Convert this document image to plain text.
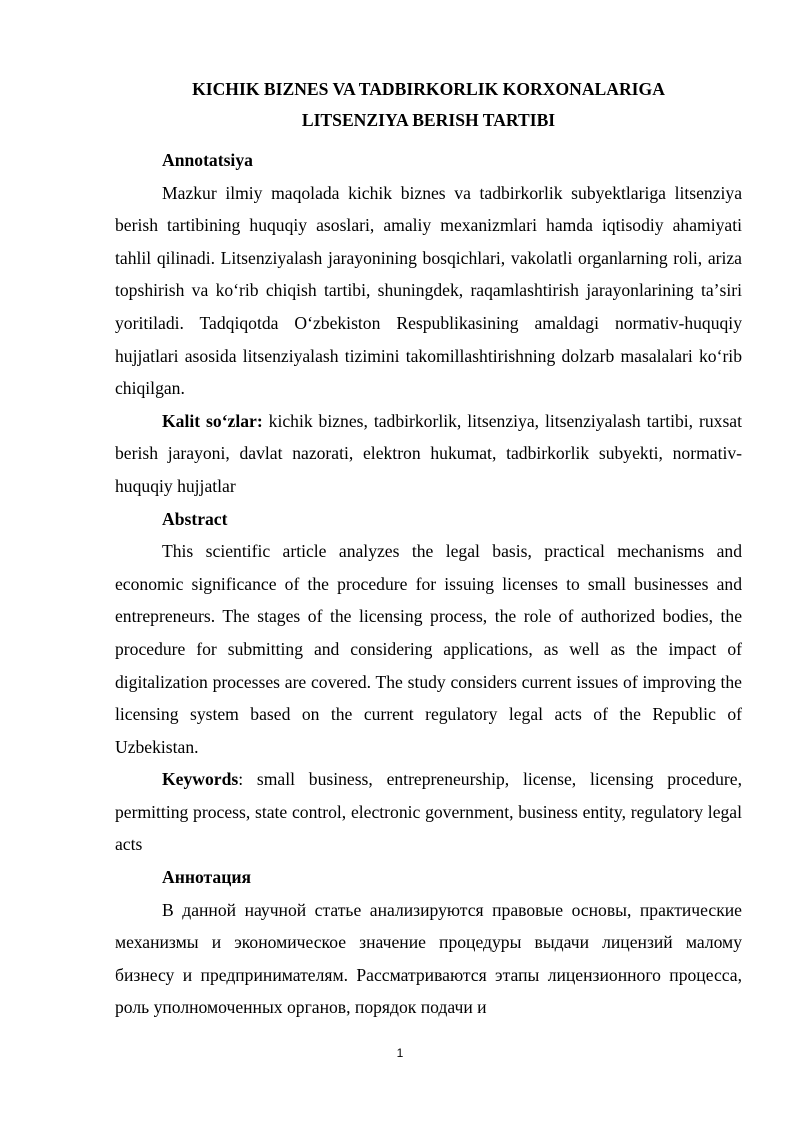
KICHIK BIZNES VA TADBIRKORLIK KORXONALARIGA
LITSENZIYA BERISH TARTIBI

Annotatsiya

Mazkur ilmiy maqolada kichik biznes va tadbirkorlik subyektlariga litsenziya berish tartibining huquqiy asoslari, amaliy mexanizmlari hamda iqtisodiy ahamiyati tahlil qilinadi. Litsenziyalash jarayonining bosqichlari, vakolatli organlarning roli, ariza topshirish va koʻrib chiqish tartibi, shuningdek, raqamlashtirish jarayonlarining taʼsiri yoritiladi. Tadqiqotda Oʻzbekiston Respublikasining amaldagi normativ-huquqiy hujjatlari asosida litsenziyalash tizimini takomillashtirishning dolzarb masalalari koʻrib chiqilgan.

Kalit soʻzlar: kichik biznes, tadbirkorlik, litsenziya, litsenziyalash tartibi, ruxsat berish jarayoni, davlat nazorati, elektron hukumat, tadbirkorlik subyekti, normativ-huquqiy hujjatlar

Abstract

This scientific article analyzes the legal basis, practical mechanisms and economic significance of the procedure for issuing licenses to small businesses and entrepreneurs. The stages of the licensing process, the role of authorized bodies, the procedure for submitting and considering applications, as well as the impact of digitalization processes are covered. The study considers current issues of improving the licensing system based on the current regulatory legal acts of the Republic of Uzbekistan.

Keywords: small business, entrepreneurship, license, licensing procedure, permitting process, state control, electronic government, business entity, regulatory legal acts

Аннотация

В данной научной статье анализируются правовые основы, практические механизмы и экономическое значение процедуры выдачи лицензий малому бизнесу и предпринимателям. Рассматриваются этапы лицензионного процесса, роль уполномоченных органов, порядок подачи и

1
